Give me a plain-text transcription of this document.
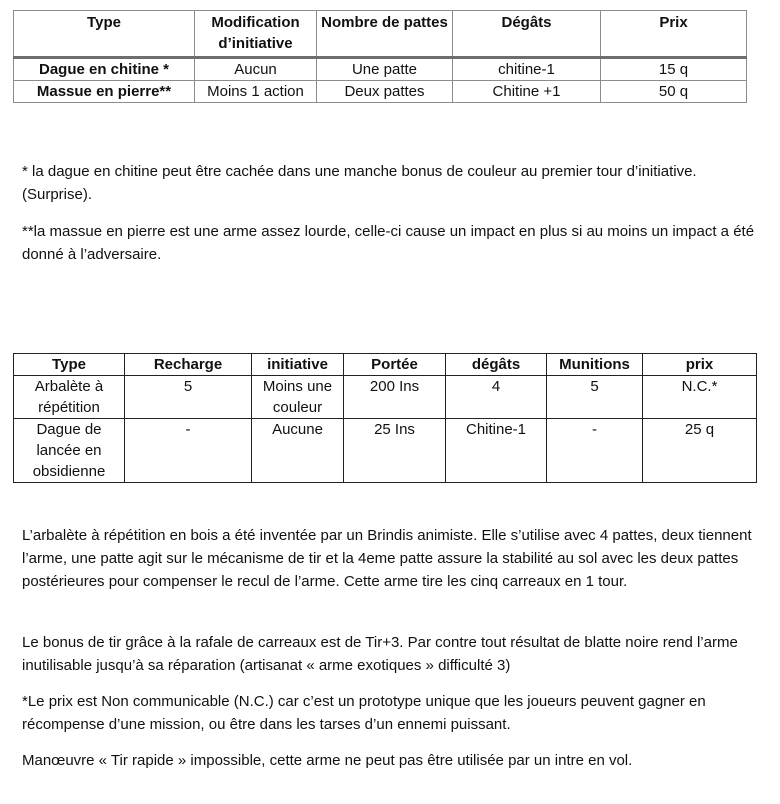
Type	Modification d’initiative	Nombre de pattes	Dégâts	Prix
Dague en chitine *	Aucun	Une patte	chitine-1	15 q
Massue en pierre**	Moins 1 action	Deux pattes	Chitine +1	50 q

* la dague en chitine peut être cachée dans une manche bonus de couleur au premier tour d’initiative. (Surprise).

**la massue en pierre est une arme assez lourde, celle-ci cause un impact en plus si au moins un impact a été donné à l’adversaire.

Type	Recharge	initiative	Portée	dégâts	Munitions	prix
Arbalète à répétition	5	Moins une couleur	200 Ins	4	5	N.C.*
Dague de lancée en obsidienne	-	Aucune	25 Ins	Chitine-1	-	25 q

L’arbalète à répétition en bois a été inventée par un Brindis animiste. Elle s’utilise avec 4 pattes, deux tiennent l’arme, une patte agit sur le mécanisme de tir et la 4eme patte assure la stabilité au sol avec les deux pattes postérieures pour compenser le recul de l’arme. Cette arme tire les cinq carreaux en 1 tour.

Le bonus de tir grâce à la rafale de carreaux est de Tir+3. Par contre tout résultat de blatte noire rend l’arme inutilisable jusqu’à sa réparation (artisanat « arme exotiques » difficulté 3)

*Le prix est Non communicable (N.C.) car c’est un prototype unique que les joueurs peuvent gagner en récompense d’une mission, ou être dans les tarses d’un ennemi puissant.

Manœuvre « Tir rapide » impossible, cette arme ne peut pas être utilisée par un intre en vol.
